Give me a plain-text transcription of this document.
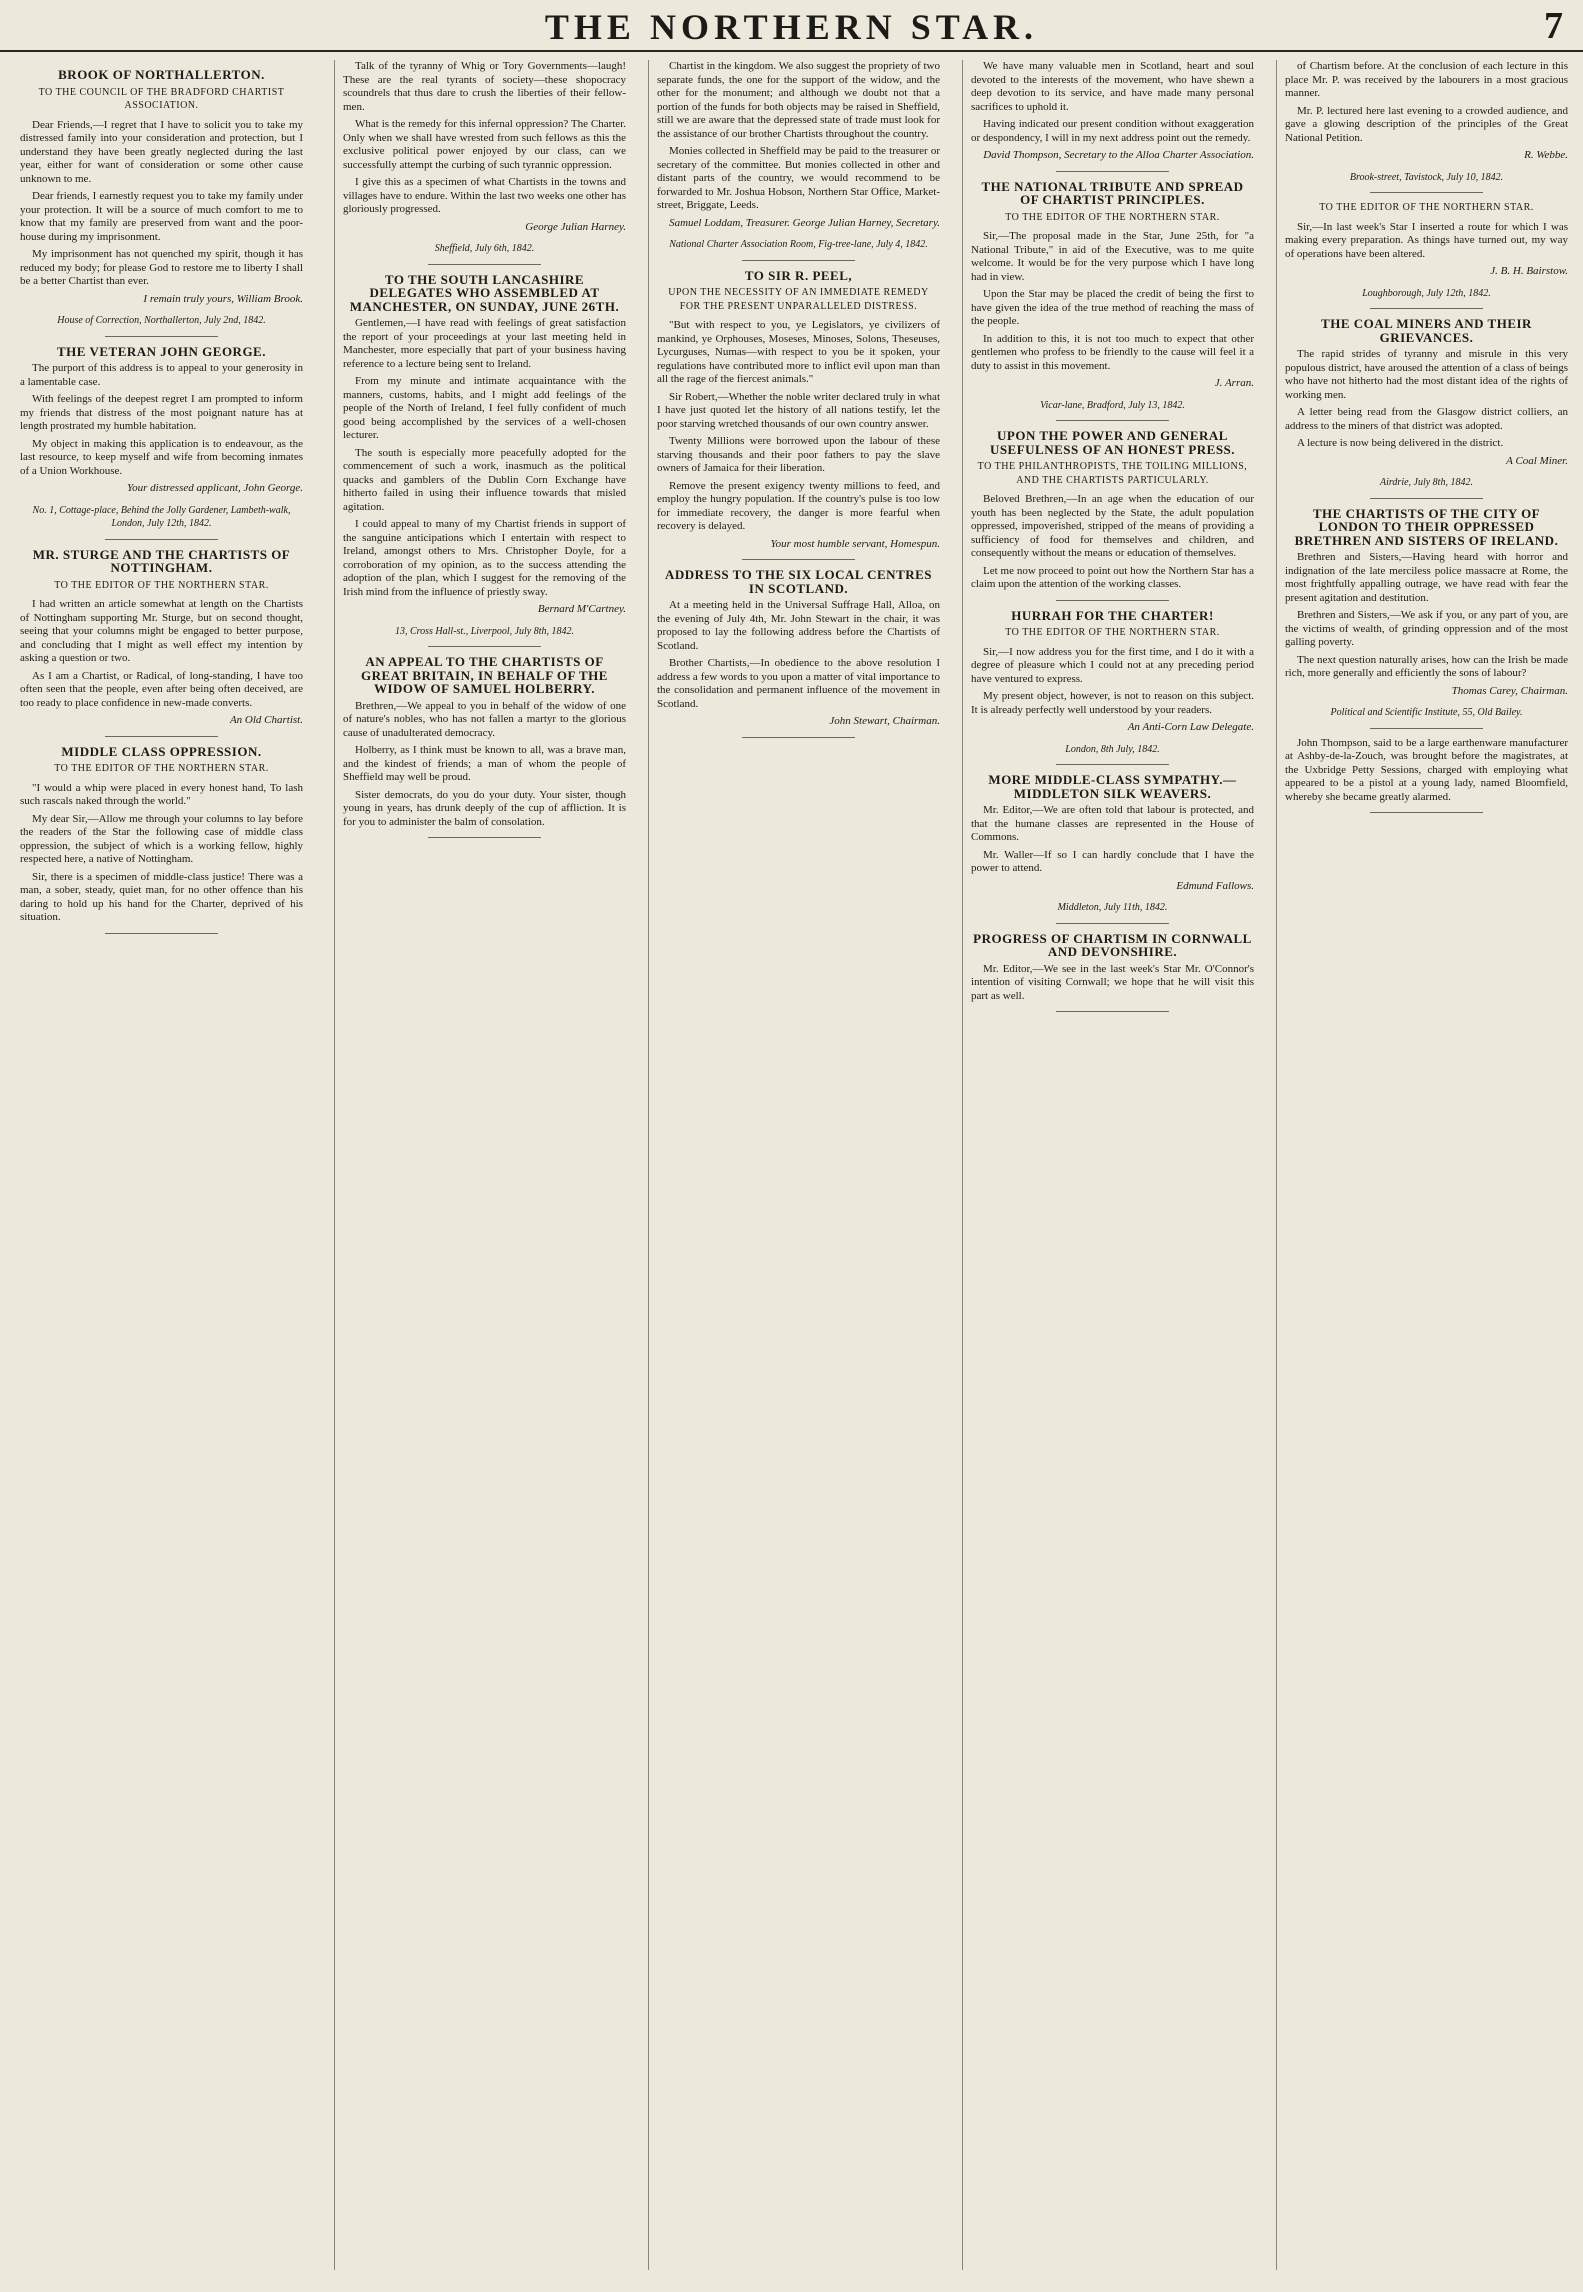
THE NORTHERN STAR.	7
BROOK OF NORTHALLERTON.
TO THE COUNCIL OF THE BRADFORD CHARTIST ASSOCIATION.

Dear Friends,—I regret that I have to solicit you to take my distressed family into your consideration and protection, but I understand they have been greatly neglected during the last year, either for want of consideration or some other cause unknown to me.

Dear friends, I earnestly request you to take my family under your protection. It will be a source of much comfort to me to know that my family are preserved from want and the poor-house during my imprisonment.

My imprisonment has not quenched my spirit, though it has reduced my body; for please God to restore me to liberty I shall be a better Chartist than ever.

I remain truly yours, William Brook.
House of Correction, Northallerton, July 2nd, 1842.
THE VETERAN JOHN GEORGE.

The purport of this address is to appeal to your generosity in a lamentable case.

With feelings of the deepest regret I am prompted to inform my friends that distress of the most poignant nature has at length prostrated my humble habitation.

My object in making this application is to endeavour, as the last resource, to keep myself and wife from becoming inmates of a Union Workhouse.

Your distressed applicant, John George.
No. 1, Cottage-place, Behind the Jolly Gardener, Lambeth-walk, London, July 12th, 1842.
MR. STURGE AND THE CHARTISTS OF NOTTINGHAM.
TO THE EDITOR OF THE NORTHERN STAR.

I had written an article somewhat at length on the Chartists of Nottingham supporting Mr. Sturge, but on second thought, seeing that your columns might be engaged to better purpose, and concluding that I might as well effect my intention by asking a question or two.

As I am a Chartist, or Radical, of long-standing, I have too often seen that the people, even after being often deceived, are too ready to place confidence in new-made converts.

An Old Chartist.
MIDDLE CLASS OPPRESSION.
TO THE EDITOR OF THE NORTHERN STAR.

"I would a whip were placed in every honest hand, To lash such rascals naked through the world."

My dear Sir,—Allow me through your columns to lay before the readers of the Star the following case of middle class oppression, the subject of which is a working fellow, highly respected here, a native of Nottingham.

Sir, there is a specimen of middle-class justice! There was a man, a sober, steady, quiet man, for no other offence than his daring to hold up his hand for the Charter, deprived of his situation.

Talk of the tyranny of Whig or Tory Governments—laugh! These are the real tyrants of society—these shopocracy scoundrels that thus dare to crush the liberties of their fellow-men.

What is the remedy for this infernal oppression? The Charter. Only when we shall have wrested from such fellows as this the exclusive political power enjoyed by our class, can we successfully attempt the curbing of such tyrannic oppression.

I give this as a specimen of what Chartists in the towns and villages have to endure. Within the last two weeks one other has gloriously progressed.

George Julian Harney.
Sheffield, July 6th, 1842.
TO THE SOUTH LANCASHIRE DELEGATES WHO ASSEMBLED AT MANCHESTER, ON SUNDAY, JUNE 26TH.

Gentlemen,—I have read with feelings of great satisfaction the report of your proceedings at your last meeting held in Manchester, more especially that part of your business having reference to a lecture being sent to Ireland.

From my minute and intimate acquaintance with the manners, customs, habits, and I might add feelings of the people of the North of Ireland, I feel fully confident of much good being accomplished by the services of a well-chosen lecturer.

The south is especially more peacefully adopted for the commencement of such a work, inasmuch as the political quacks and gamblers of the Dublin Corn Exchange have hitherto failed in using their influence towards that misled agitation.

I could appeal to many of my Chartist friends in support of the sanguine anticipations which I entertain with respect to Ireland, amongst others to Mrs. Christopher Doyle, for a corroboration of my opinion, as to the success attending the adoption of the plan, which I suggest for the removing of the Irish mind from the influence of priestly sway.

Bernard M'Cartney.
13, Cross Hall-st., Liverpool, July 8th, 1842.
AN APPEAL TO THE CHARTISTS OF GREAT BRITAIN, IN BEHALF OF THE WIDOW OF SAMUEL HOLBERRY.

Brethren,—We appeal to you in behalf of the widow of one of nature's nobles, who has not fallen a martyr to the glorious cause of unadulterated democracy.

Holberry, as I think must be known to all, was a brave man, and the kindest of friends; a man of whom the people of Sheffield may well be proud.

Sister democrats, do you do your duty. Your sister, though young in years, has drunk deeply of the cup of affliction. It is for you to administer the balm of consolation.

Chartist in the kingdom. We also suggest the propriety of two separate funds, the one for the support of the widow, and the other for the monument; and although we doubt not that a portion of the funds for both objects may be raised in Sheffield, still we are aware that the depressed state of trade must look for the assistance of our brother Chartists throughout the country.

Monies collected in Sheffield may be paid to the treasurer or secretary of the committee. But monies collected in other and distant parts of the country, we would recommend to be forwarded to Mr. Joshua Hobson, Northern Star Office, Market-street, Briggate, Leeds.

Samuel Loddam, Treasurer. George Julian Harney, Secretary.
National Charter Association Room, Fig-tree-lane, July 4, 1842.
TO SIR R. PEEL,
UPON THE NECESSITY OF AN IMMEDIATE REMEDY FOR THE PRESENT UNPARALLELED DISTRESS.

"But with respect to you, ye Legislators, ye civilizers of mankind, ye Orphouses, Moseses, Minoses, Solons, Theseuses, Lycurguses, Numas—with respect to you be it spoken, your regulations have contributed more to inflict evil upon man than all the rage of the fiercest animals."

Sir Robert,—Whether the noble writer declared truly in what I have just quoted let the history of all nations testify, let the poor starving wretched thousands of our own country answer.

Twenty Millions were borrowed upon the labour of these starving thousands and their poor fathers to pay the slave owners of Jamaica for their liberation.

Remove the present exigency twenty millions to feed, and employ the hungry population. If the country's pulse is too low for immediate recovery, the danger is more fearful when recovery is delayed.

Your most humble servant, Homespun.
ADDRESS TO THE SIX LOCAL CENTRES IN SCOTLAND.

At a meeting held in the Universal Suffrage Hall, Alloa, on the evening of July 4th, Mr. John Stewart in the chair, it was proposed to lay the following address before the Chartists of Scotland.

Brother Chartists,—In obedience to the above resolution I address a few words to you upon a matter of vital importance to the consolidation and permanent influence of the movement in Scotland.

John Stewart, Chairman.

We have many valuable men in Scotland, heart and soul devoted to the interests of the movement, who have shewn a deep devotion to its service, and have made many personal sacrifices to uphold it.

Having indicated our present condition without exaggeration or despondency, I will in my next address point out the remedy.

David Thompson, Secretary to the Alloa Charter Association.
THE NATIONAL TRIBUTE AND SPREAD OF CHARTIST PRINCIPLES.
TO THE EDITOR OF THE NORTHERN STAR.

Sir,—The proposal made in the Star, June 25th, for "a National Tribute," in aid of the Executive, was to me quite welcome. It would be for the very purpose which I have long had in view.

Upon the Star may be placed the credit of being the first to have given the idea of the true method of reaching the mass of the people.

In addition to this, it is not too much to expect that other gentlemen who profess to be friendly to the cause will feel it a duty to assist in this movement.

J. Arran.
Vicar-lane, Bradford, July 13, 1842.
UPON THE POWER AND GENERAL USEFULNESS OF AN HONEST PRESS.
TO THE PHILANTHROPISTS, THE TOILING MILLIONS, AND THE CHARTISTS PARTICULARLY.

Beloved Brethren,—In an age when the education of our youth has been neglected by the State, the adult population oppressed, impoverished, stripped of the means of providing a sufficiency of food for themselves and children, and consequently without the means or education of themselves.

Let me now proceed to point out how the Northern Star has a claim upon the attention of the working classes.

HURRAH FOR THE CHARTER!
TO THE EDITOR OF THE NORTHERN STAR.

Sir,—I now address you for the first time, and I do it with a degree of pleasure which I could not at any preceding period have ventured to express.

My present object, however, is not to reason on this subject. It is already perfectly well understood by your readers.

An Anti-Corn Law Delegate.
London, 8th July, 1842.
MORE MIDDLE-CLASS SYMPATHY.—MIDDLETON SILK WEAVERS.

Mr. Editor,—We are often told that labour is protected, and that the humane classes are represented in the House of Commons.

Mr. Waller—If so I can hardly conclude that I have the power to attend.

Edmund Fallows.
Middleton, July 11th, 1842.
PROGRESS OF CHARTISM IN CORNWALL AND DEVONSHIRE.

Mr. Editor,—We see in the last week's Star Mr. O'Connor's intention of visiting Cornwall; we hope that he will visit this part as well.

of Chartism before. At the conclusion of each lecture in this place Mr. P. was received by the labourers in a most gracious manner.

Mr. P. lectured here last evening to a crowded audience, and gave a glowing description of the principles of the Great National Petition.

R. Webbe.
Brook-street, Tavistock, July 10, 1842.
TO THE EDITOR OF THE NORTHERN STAR.

Sir,—In last week's Star I inserted a route for which I was making every preparation. As things have turned out, my way of operations have been altered.

J. B. H. Bairstow.
Loughborough, July 12th, 1842.
THE COAL MINERS AND THEIR GRIEVANCES.

The rapid strides of tyranny and misrule in this very populous district, have aroused the attention of a class of beings who have not hitherto had the most distant idea of the rights of working men.

A letter being read from the Glasgow district colliers, an address to the miners of that district was adopted.

A lecture is now being delivered in the district.

A Coal Miner.
Airdrie, July 8th, 1842.
THE CHARTISTS OF THE CITY OF LONDON TO THEIR OPPRESSED BRETHREN AND SISTERS OF IRELAND.

Brethren and Sisters,—Having heard with horror and indignation of the late merciless police massacre at Rome, the most frightfully appalling outrage, we have read with fear the present agitation and destitution.

Brethren and Sisters,—We ask if you, or any part of you, are the victims of wealth, of grinding oppression and of the most galling poverty.

The next question naturally arises, how can the Irish be made rich, more generally and efficiently the sons of labour?

Thomas Carey, Chairman.
Political and Scientific Institute, 55, Old Bailey.

John Thompson, said to be a large earthenware manufacturer at Ashby-de-la-Zouch, was brought before the magistrates, at the Uxbridge Petty Sessions, charged with employing what appeared to be a pistol at a young lady, named Bloomfield, whereby she became greatly alarmed.
